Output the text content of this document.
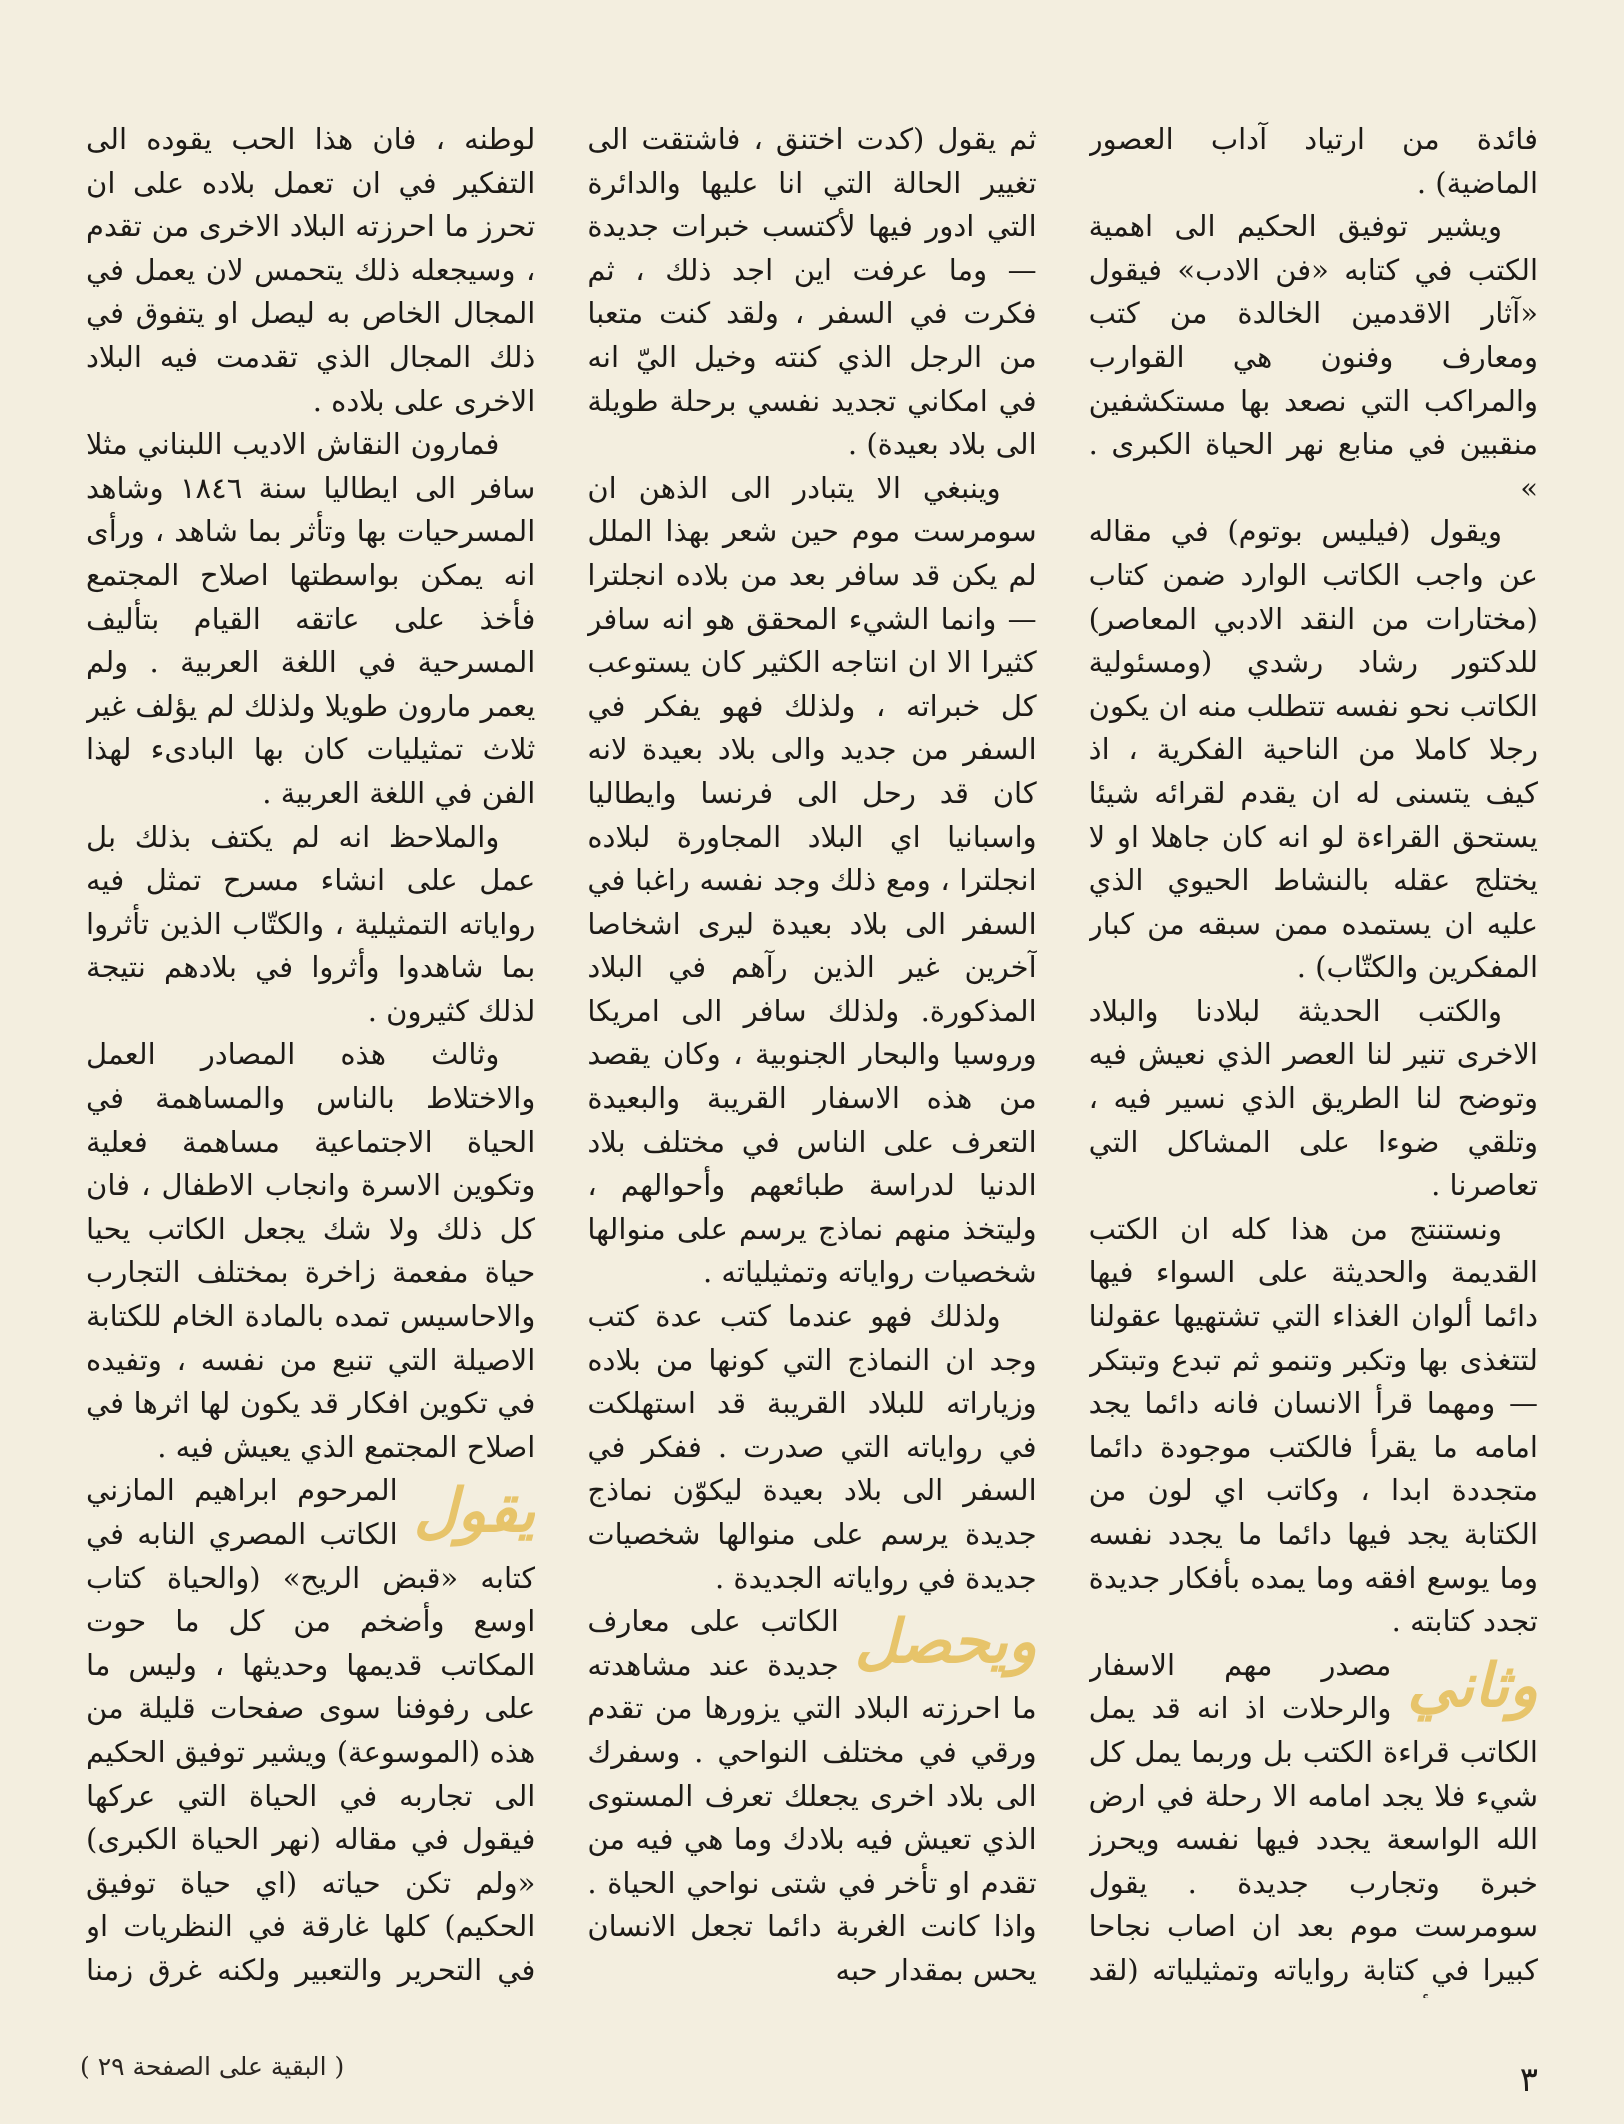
فائدة من ارتياد آداب العصور الماضية) .

ويشير توفيق الحكيم الى اهمية الكتب في كتابه «فن الادب» فيقول «آثار الاقدمين الخالدة من كتب ومعارف وفنون هي القوارب والمراكب التي نصعد بها مستكشفين منقبين في منابع نهر الحياة الكبرى . »

ويقول (فيليس بوتوم) في مقاله عن واجب الكاتب الوارد ضمن كتاب (مختارات من النقد الادبي المعاصر) للدكتور رشاد رشدي (ومسئولية الكاتب نحو نفسه تتطلب منه ان يكون رجلا كاملا من الناحية الفكرية ، اذ كيف يتسنى له ان يقدم لقرائه شيئا يستحق القراءة لو انه كان جاهلا او لا يختلج عقله بالنشاط الحيوي الذي عليه ان يستمده ممن سبقه من كبار المفكرين والكتّاب) .

والكتب الحديثة لبلادنا والبلاد الاخرى تنير لنا العصر الذي نعيش فيه وتوضح لنا الطريق الذي نسير فيه ، وتلقي ضوءا على المشاكل التي تعاصرنا .

ونستنتج من هذا كله ان الكتب القديمة والحديثة على السواء فيها دائما ألوان الغذاء التي تشتهيها عقولنا لتتغذى بها وتكبر وتنمو ثم تبدع وتبتكر — ومهما قرأ الانسان فانه دائما يجد امامه ما يقرأ فالكتب موجودة دائما متجددة ابدا ، وكاتب اي لون من الكتابة يجد فيها دائما ما يجدد نفسه وما يوسع افقه وما يمده بأفكار جديدة تجدد كتابته .

وثاني
مصدر مهم الاسفار والرحلات اذ انه قد يمل الكاتب قراءة الكتب بل وربما يمل كل شيء فلا يجد امامه الا رحلة في ارض الله الواسعة يجدد فيها نفسه ويحرز خبرة وتجارب جديدة . يقول سومرست موم بعد ان اصاب نجاحا كبيرا في كتابة رواياته وتمثيلياته (لقد

ثم يقول (كدت اختنق ، فاشتقت الى تغيير الحالة التي انا عليها والدائرة التي ادور فيها لأكتسب خبرات جديدة — وما عرفت اين اجد ذلك ، ثم فكرت في السفر ، ولقد كنت متعبا من الرجل الذي كنته وخيل اليّ انه في امكاني تجديد نفسي برحلة طويلة الى بلاد بعيدة) .

وينبغي الا يتبادر الى الذهن ان سومرست موم حين شعر بهذا الملل لم يكن قد سافر بعد من بلاده انجلترا — وانما الشيء المحقق هو انه سافر كثيرا الا ان انتاجه الكثير كان يستوعب كل خبراته ، ولذلك فهو يفكر في السفر من جديد والى بلاد بعيدة لانه كان قد رحل الى فرنسا وايطاليا واسبانيا اي البلاد المجاورة لبلاده انجلترا ، ومع ذلك وجد نفسه راغبا في السفر الى بلاد بعيدة ليرى اشخاصا آخرين غير الذين رآهم في البلاد المذكورة. ولذلك سافر الى امريكا وروسيا والبحار الجنوبية ، وكان يقصد من هذه الاسفار القريبة والبعيدة التعرف على الناس في مختلف بلاد الدنيا لدراسة طبائعهم وأحوالهم ، وليتخذ منهم نماذج يرسم على منوالها شخصيات رواياته وتمثيلياته .

ولذلك فهو عندما كتب عدة كتب وجد ان النماذج التي كونها من بلاده وزياراته للبلاد القريبة قد استهلكت في رواياته التي صدرت . ففكر في السفر الى بلاد بعيدة ليكوّن نماذج جديدة يرسم على منوالها شخصيات جديدة في رواياته الجديدة .

ويحصل
الكاتب على معارف جديدة عند مشاهدته ما احرزته البلاد التي يزورها من تقدم ورقي في مختلف النواحي . وسفرك الى بلاد اخرى يجعلك تعرف المستوى الذي تعيش فيه بلادك وما هي فيه من تقدم او تأخر في شتى نواحي الحياة . واذا كانت الغربة دائما تجعل الانسان يحس بمقدار حبه

لوطنه ، فان هذا الحب يقوده الى التفكير في ان تعمل بلاده على ان تحرز ما احرزته البلاد الاخرى من تقدم ، وسيجعله ذلك يتحمس لان يعمل في المجال الخاص به ليصل او يتفوق في ذلك المجال الذي تقدمت فيه البلاد الاخرى على بلاده .

فمارون النقاش الاديب اللبناني مثلا سافر الى ايطاليا سنة ١٨٤٦ وشاهد المسرحيات بها وتأثر بما شاهد ، ورأى انه يمكن بواسطتها اصلاح المجتمع فأخذ على عاتقه القيام بتأليف المسرحية في اللغة العربية . ولم يعمر مارون طويلا ولذلك لم يؤلف غير ثلاث تمثيليات كان بها البادىء لهذا الفن في اللغة العربية .

والملاحظ انه لم يكتف بذلك بل عمل على انشاء مسرح تمثل فيه رواياته التمثيلية ، والكتّاب الذين تأثروا بما شاهدوا وأثروا في بلادهم نتيجة لذلك كثيرون .

وثالث هذه المصادر العمل والاختلاط بالناس والمساهمة في الحياة الاجتماعية مساهمة فعلية وتكوين الاسرة وانجاب الاطفال ، فان كل ذلك ولا شك يجعل الكاتب يحيا حياة مفعمة زاخرة بمختلف التجارب والاحاسيس تمده بالمادة الخام للكتابة الاصيلة التي تنبع من نفسه ، وتفيده في تكوين افكار قد يكون لها اثرها في اصلاح المجتمع الذي يعيش فيه .

يقول
المرحوم ابراهيم المازني الكاتب المصري النابه في كتابه «قبض الريح» (والحياة كتاب اوسع وأضخم من كل ما حوت المكاتب قديمها وحديثها ، وليس ما على رفوفنا سوى صفحات قليلة من هذه (الموسوعة) ويشير توفيق الحكيم الى تجاربه في الحياة التي عركها فيقول في مقاله (نهر الحياة الكبرى) «ولم تكن حياته (اي حياة توفيق الحكيم) كلها غارقة في النظريات او في التحرير والتعبير ولكنه غرق زمنا

( البقية على الصفحة ٢٩ )	٣
